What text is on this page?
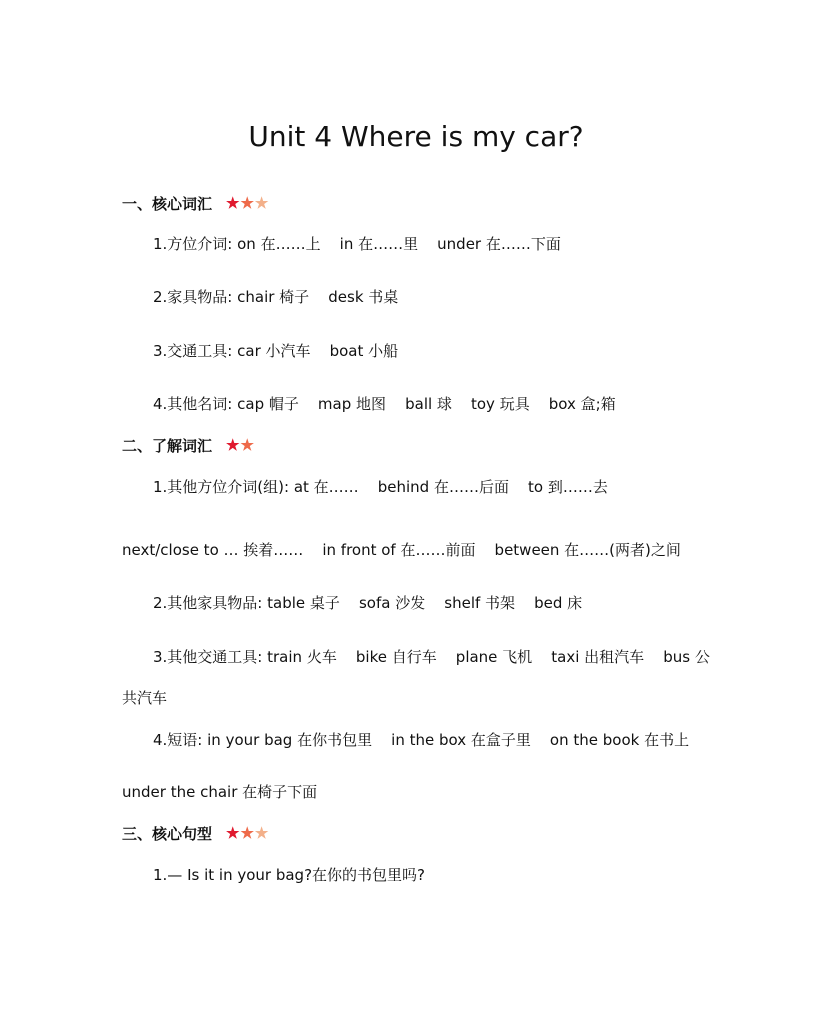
Unit 4 Where is my car?
一、核心词汇 ★ ★ ★
1.方位介词: on 在……上    in 在……里    under 在……下面
2.家具物品: chair 椅子    desk 书桌
3.交通工具: car 小汽车    boat 小船
4.其他名词: cap 帽子    map 地图    ball 球    toy 玩具    box 盒;箱
二、了解词汇 ★ ★
1.其他方位介词(组): at 在……    behind 在……后面    to 到……去
next/close to … 挨着……    in front of 在……前面    between 在……(两者)之间
2.其他家具物品: table 桌子    sofa 沙发    shelf 书架    bed 床
3.其他交通工具: train 火车    bike 自行车    plane 飞机    taxi 出租汽车    bus 公
共汽车
4.短语: in your bag 在你书包里    in the box 在盒子里    on the book 在书上
under the chair 在椅子下面
三、核心句型 ★ ★ ★
1.— Is it in your bag?在你的书包里吗?
